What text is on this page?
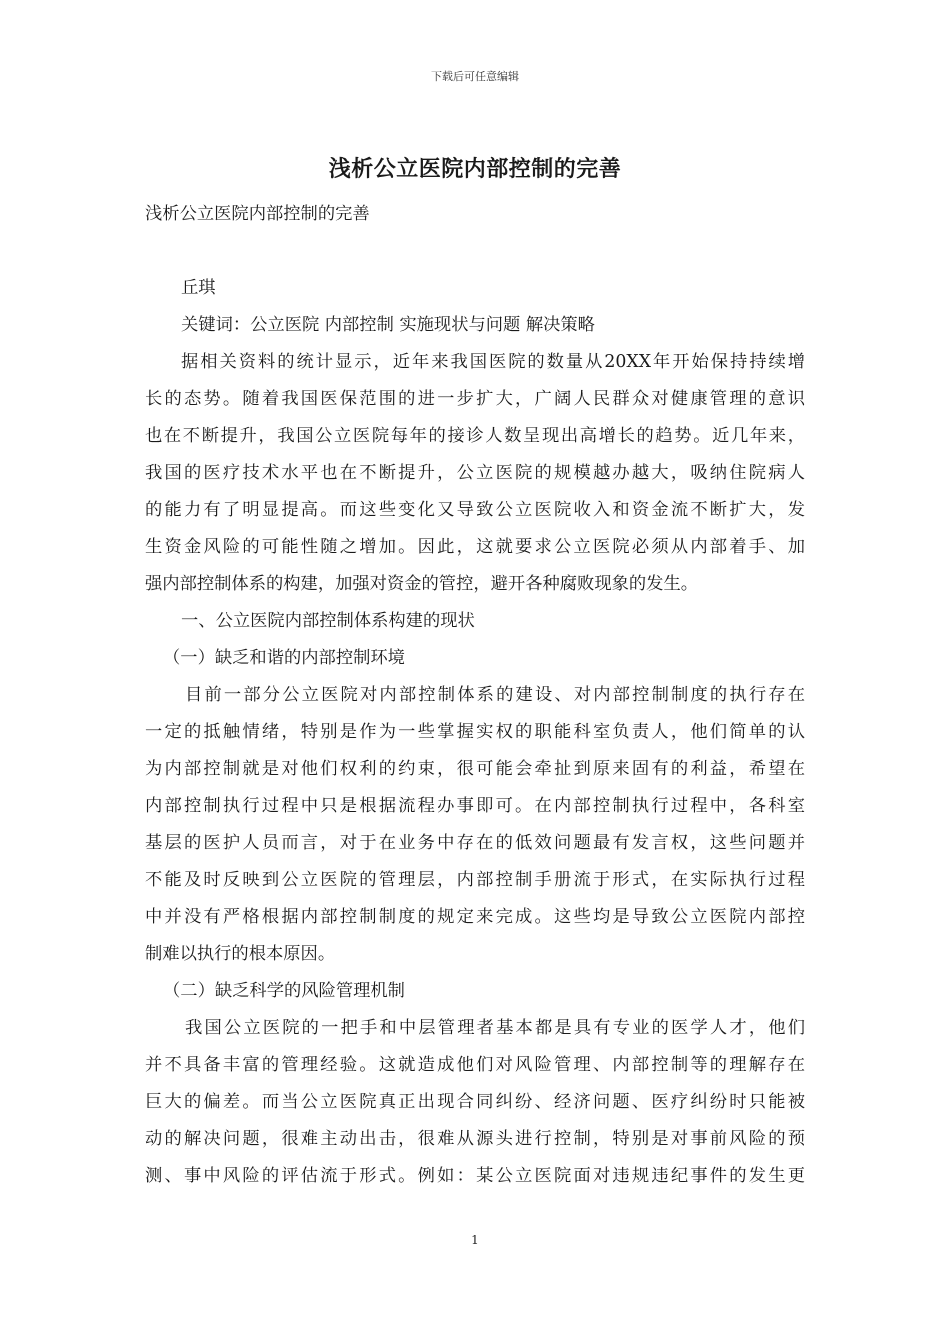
下载后可任意编辑
浅析公立医院内部控制的完善
浅析公立医院内部控制的完善
丘琪
关键词：公立医院 内部控制 实施现状与问题 解决策略
据相关资料的统计显示，近年来我国医院的数量从20XX年开始保持持续增
长的态势。随着我国医保范围的进一步扩大，广阔人民群众对健康管理的意识
也在不断提升，我国公立医院每年的接诊人数呈现出高增长的趋势。近几年来，
我国的医疗技术水平也在不断提升，公立医院的规模越办越大，吸纳住院病人
的能力有了明显提高。而这些变化又导致公立医院收入和资金流不断扩大，发
生资金风险的可能性随之增加。因此，这就要求公立医院必须从内部着手、加
强内部控制体系的构建，加强对资金的管控，避开各种腐败现象的发生。
一、公立医院内部控制体系构建的现状
（一）缺乏和谐的内部控制环境
目前一部分公立医院对内部控制体系的建设、对内部控制制度的执行存在
一定的抵触情绪，特别是作为一些掌握实权的职能科室负责人，他们简单的认
为内部控制就是对他们权利的约束，很可能会牵扯到原来固有的利益，希望在
内部控制执行过程中只是根据流程办事即可。在内部控制执行过程中，各科室
基层的医护人员而言，对于在业务中存在的低效问题最有发言权，这些问题并
不能及时反映到公立医院的管理层，内部控制手册流于形式，在实际执行过程
中并没有严格根据内部控制制度的规定来完成。这些均是导致公立医院内部控
制难以执行的根本原因。
（二）缺乏科学的风险管理机制
我国公立医院的一把手和中层管理者基本都是具有专业的医学人才，他们
并不具备丰富的管理经验。这就造成他们对风险管理、内部控制等的理解存在
巨大的偏差。而当公立医院真正出现合同纠纷、经济问题、医疗纠纷时只能被
动的解决问题，很难主动出击，很难从源头进行控制，特别是对事前风险的预
测、事中风险的评估流于形式。例如：某公立医院面对违规违纪事件的发生更
1
